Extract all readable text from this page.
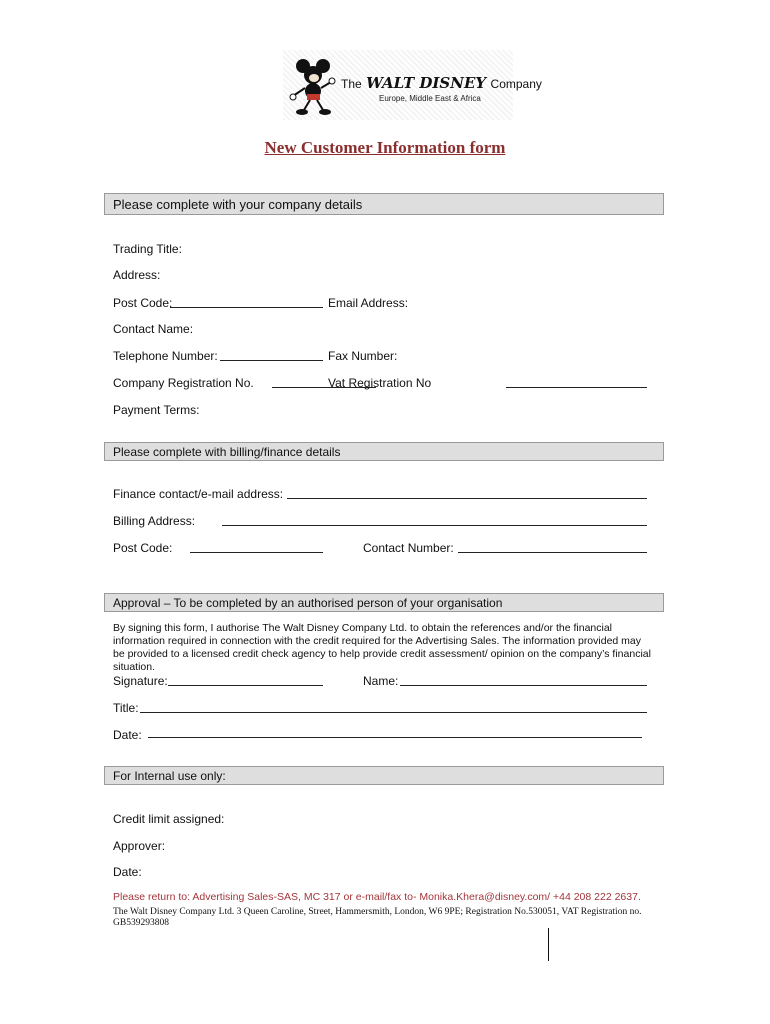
The WALT DISNEY Company
Europe, Middle East & Africa
New Customer Information form
Please complete with your company details
Trading Title:
Address:
Post Code:	Email Address:
Contact Name:
Telephone Number:	Fax Number:
Company Registration No.	Vat Registration No
Payment Terms:
Please complete with billing/finance details
Finance contact/e-mail address:
Billing Address:
Post Code:	Contact Number:
Approval – To be completed by an authorised person of your organisation
By signing this form, I authorise The Walt Disney Company Ltd. to obtain the references and/or the financial information required in connection with the credit required for the Advertising Sales. The information provided may be provided to a licensed credit check agency to help provide credit assessment/ opinion on the company’s financial situation.
Signature:	Name:
Title:
Date:
For Internal use only:
Credit limit assigned:
Approver:
Date:
Please return to: Advertising Sales-SAS, MC 317 or e-mail/fax to- Monika.Khera@disney.com/ +44 208 222 2637.
The Walt Disney Company Ltd. 3 Queen Caroline, Street, Hammersmith, London, W6 9PE; Registration No.530051, VAT Registration no. GB539293808
